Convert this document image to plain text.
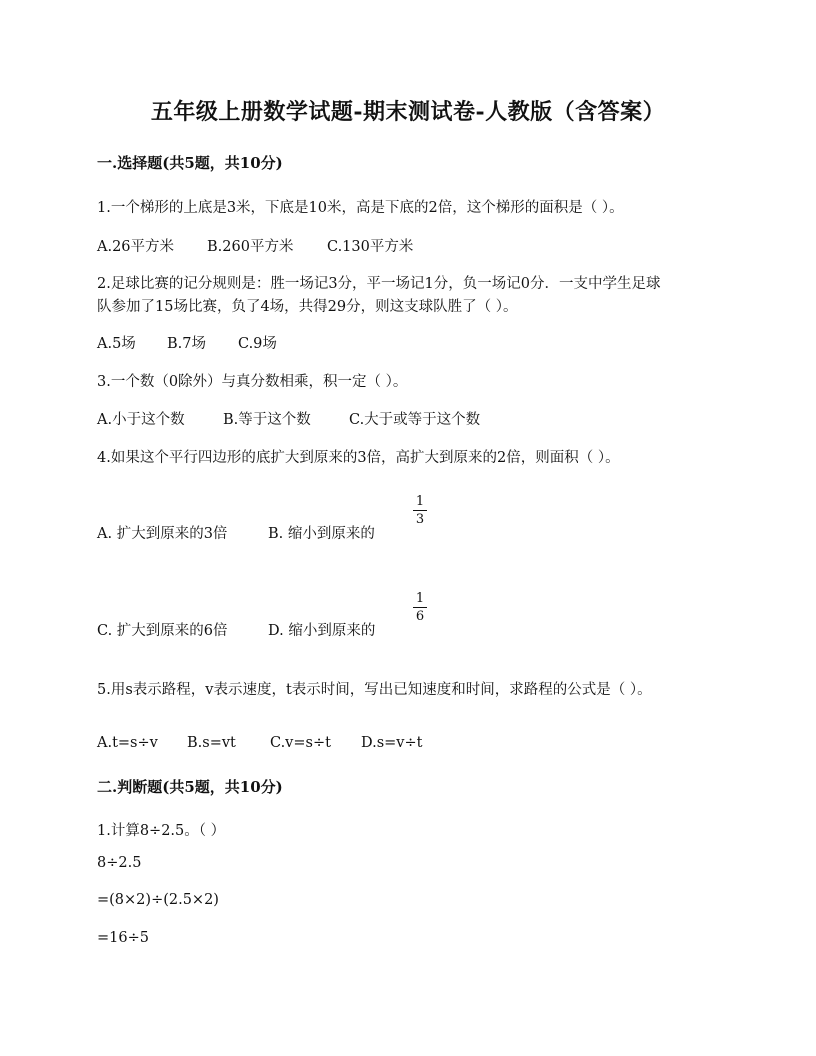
五年级上册数学试题-期末测试卷-人教版（含答案）
一.选择题(共5题，共10分)
1.一个梯形的上底是3米，下底是10米，高是下底的2倍，这个梯形的面积是（ ）。
A.26平方米 B.260平方米 C.130平方米
2.足球比赛的记分规则是：胜一场记3分，平一场记1分，负一场记0分．一支中学生足球
队参加了15场比赛，负了4场，共得29分，则这支球队胜了（ ）。
A.5场 B.7场 C.9场
3.一个数（0除外）与真分数相乘，积一定（ ）。
A.小于这个数	B.等于这个数	C.大于或等于这个数
4.如果这个平行四边形的底扩大到原来的3倍，高扩大到原来的2倍，则面积（ ）。
A. 扩大到原来的3倍	B. 缩小到原来的
1
3
C. 扩大到原来的6倍	D. 缩小到原来的
1
6
5.用s表示路程，v表示速度，t表示时间，写出已知速度和时间，求路程的公式是（ ）。
A.t=s÷v B.s=vt C.v=s÷t D.s=v÷t
二.判断题(共5题，共10分)
1.计算8÷2.5。（ ）
8÷2.5
=(8×2)÷(2.5×2)
=16÷5
